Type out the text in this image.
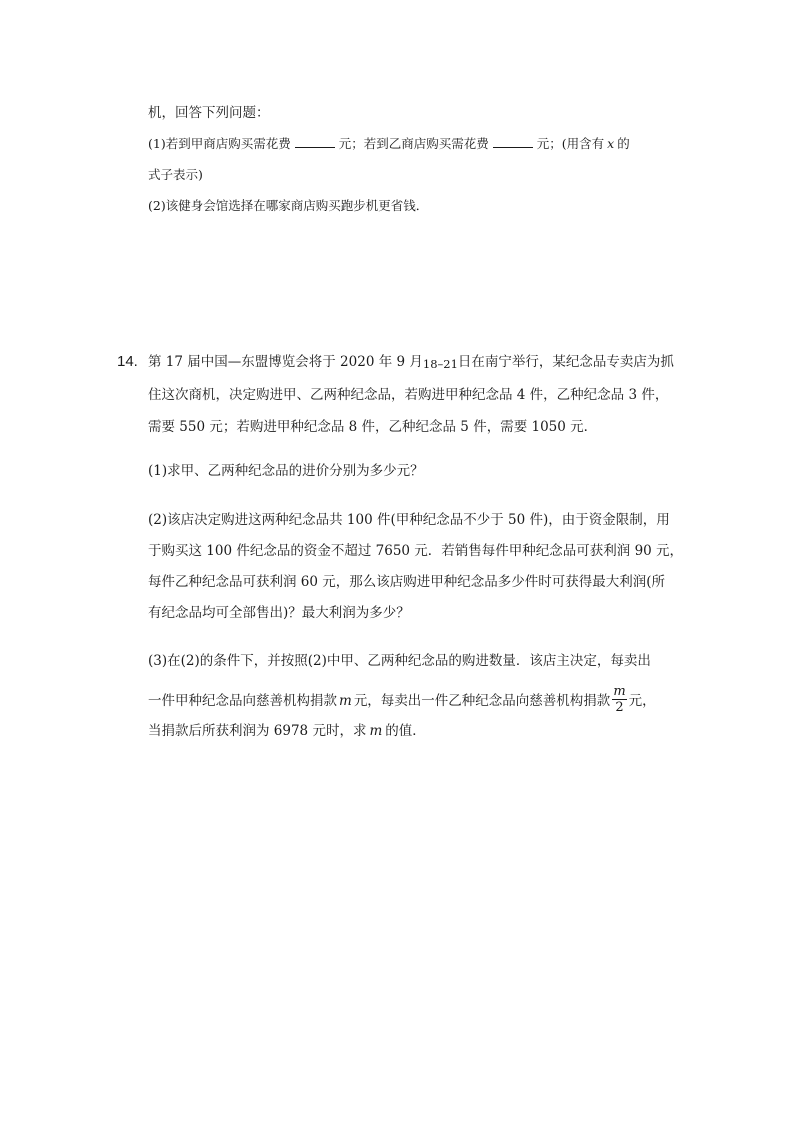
机，回答下列问题：
(1)若到甲商店购买需花费	元；若到乙商店购买需花费	元；(用含有 x 的
式子表示)
(2)该健身会馆选择在哪家商店购买跑步机更省钱．
14. 第 17 届中国—东盟博览会将于 2020 年 9 月18–21日在南宁举行，某纪念品专卖店为抓
住这次商机，决定购进甲、乙两种纪念品，若购进甲种纪念品 4 件，乙种纪念品 3 件，
需要 550 元；若购进甲种纪念品 8 件，乙种纪念品 5 件，需要 1050 元．
(1)求甲、乙两种纪念品的进价分别为多少元？
(2)该店决定购进这两种纪念品共 100 件(甲种纪念品不少于 50 件)，由于资金限制，用
于购买这 100 件纪念品的资金不超过 7650 元．若销售每件甲种纪念品可获利润 90 元，
每件乙种纪念品可获利润 60 元，那么该店购进甲种纪念品多少件时可获得最大利润(所
有纪念品均可全部售出)？最大利润为多少？
(3)在(2)的条件下，并按照(2)中甲、乙两种纪念品的购进数量．该店主决定，每卖出
一件甲种纪念品向慈善机构捐款 m 元，每卖出一件乙种纪念品向慈善机构捐款 $\frac{m}{2}$ 元，
当捐款后所获利润为 6978 元时，求 m 的值．
